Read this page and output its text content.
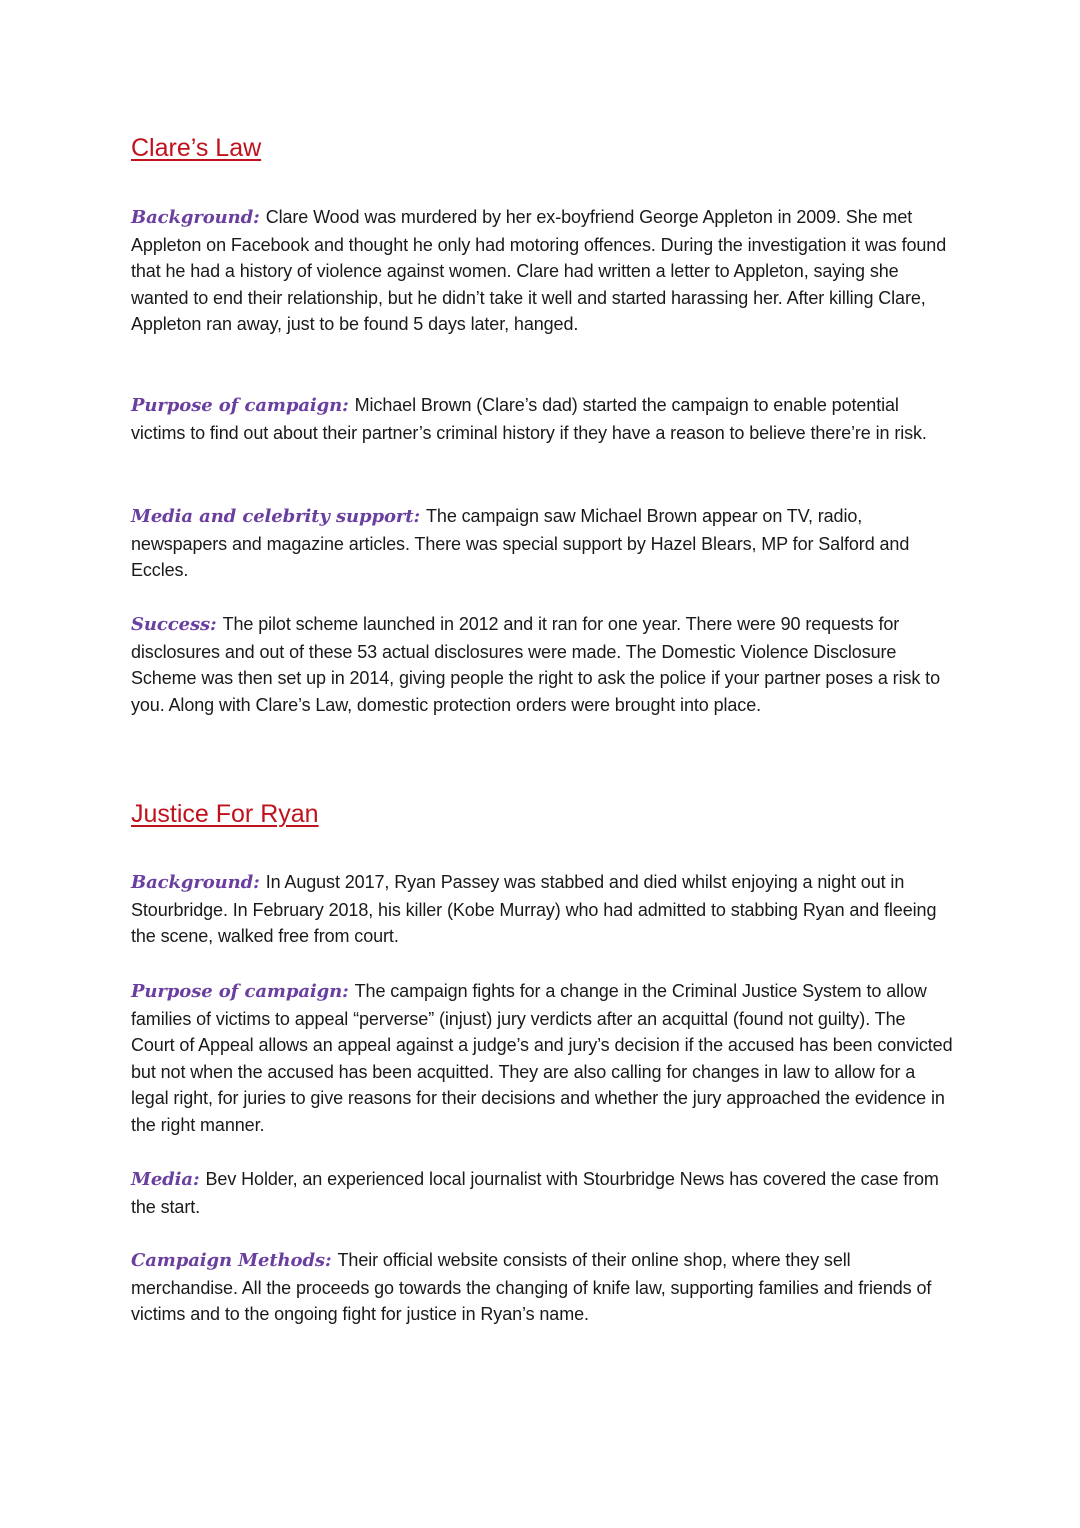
Clare’s Law

Background: Clare Wood was murdered by her ex-boyfriend George Appleton in 2009. She met Appleton on Facebook and thought he only had motoring offences. During the investigation it was found that he had a history of violence against women. Clare had written a letter to Appleton, saying she wanted to end their relationship, but he didn’t take it well and started harassing her. After killing Clare, Appleton ran away, just to be found 5 days later, hanged.

Purpose of campaign: Michael Brown (Clare’s dad) started the campaign to enable potential victims to find out about their partner’s criminal history if they have a reason to believe there’re in risk.

Media and celebrity support: The campaign saw Michael Brown appear on TV, radio, newspapers and magazine articles. There was special support by Hazel Blears, MP for Salford and Eccles.

Success: The pilot scheme launched in 2012 and it ran for one year. There were 90 requests for disclosures and out of these 53 actual disclosures were made. The Domestic Violence Disclosure Scheme was then set up in 2014, giving people the right to ask the police if your partner poses a risk to you. Along with Clare’s Law, domestic protection orders were brought into place.

Justice For Ryan

Background: In August 2017, Ryan Passey was stabbed and died whilst enjoying a night out in Stourbridge. In February 2018, his killer (Kobe Murray) who had admitted to stabbing Ryan and fleeing the scene, walked free from court.

Purpose of campaign: The campaign fights for a change in the Criminal Justice System to allow families of victims to appeal “perverse” (injust) jury verdicts after an acquittal (found not guilty). The Court of Appeal allows an appeal against a judge’s and jury’s decision if the accused has been convicted but not when the accused has been acquitted. They are also calling for changes in law to allow for a legal right, for juries to give reasons for their decisions and whether the jury approached the evidence in the right manner.

Media: Bev Holder, an experienced local journalist with Stourbridge News has covered the case from the start.

Campaign Methods: Their official website consists of their online shop, where they sell merchandise. All the proceeds go towards the changing of knife law, supporting families and friends of victims and to the ongoing fight for justice in Ryan’s name.
